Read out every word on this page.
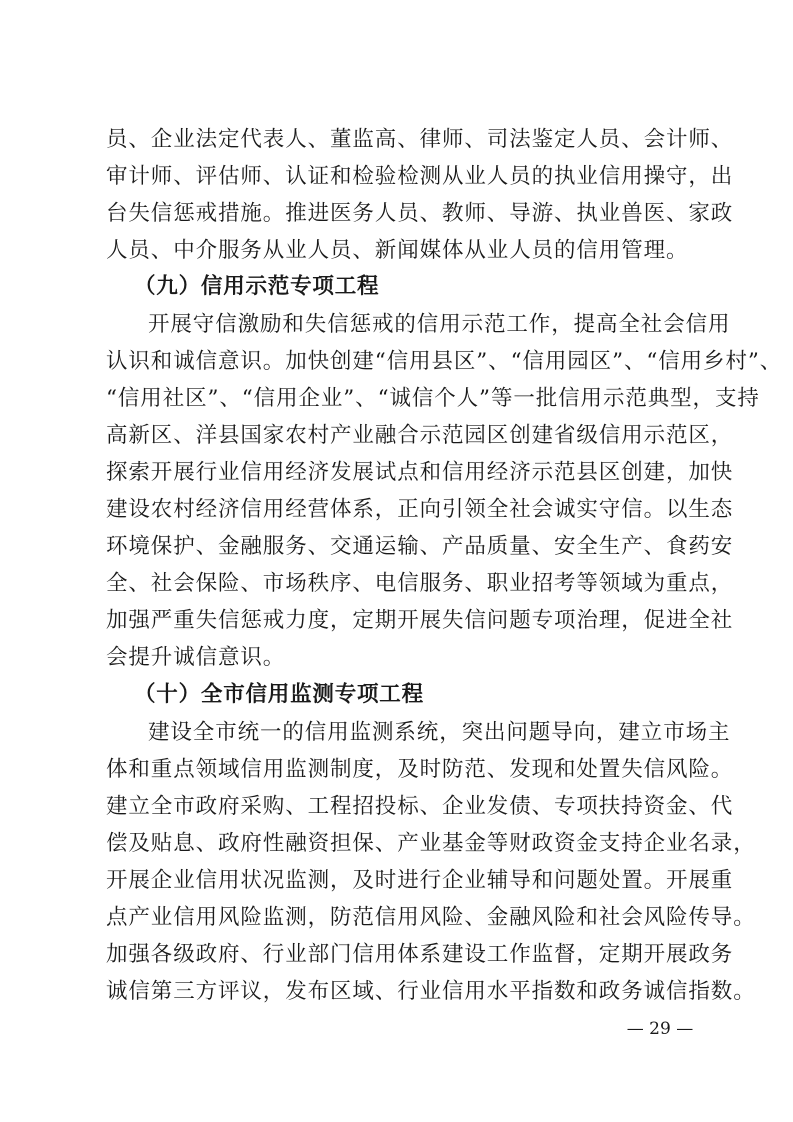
员、企业法定代表人、董监高、律师、司法鉴定人员、会计师、
审计师、评估师、认证和检验检测从业人员的执业信用操守，出
台失信惩戒措施。推进医务人员、教师、导游、执业兽医、家政
人员、中介服务从业人员、新闻媒体从业人员的信用管理。
（九）信用示范专项工程
开展守信激励和失信惩戒的信用示范工作，提高全社会信用
认识和诚信意识。加快创建“信用县区”、“信用园区”、“信用乡村”、
“信用社区”、“信用企业”、“诚信个人”等一批信用示范典型，支持
高新区、洋县国家农村产业融合示范园区创建省级信用示范区，
探索开展行业信用经济发展试点和信用经济示范县区创建，加快
建设农村经济信用经营体系，正向引领全社会诚实守信。以生态
环境保护、金融服务、交通运输、产品质量、安全生产、食药安
全、社会保险、市场秩序、电信服务、职业招考等领域为重点，
加强严重失信惩戒力度，定期开展失信问题专项治理，促进全社
会提升诚信意识。
（十）全市信用监测专项工程
建设全市统一的信用监测系统，突出问题导向，建立市场主
体和重点领域信用监测制度，及时防范、发现和处置失信风险。
建立全市政府采购、工程招投标、企业发债、专项扶持资金、代
偿及贴息、政府性融资担保、产业基金等财政资金支持企业名录，
开展企业信用状况监测，及时进行企业辅导和问题处置。开展重
点产业信用风险监测，防范信用风险、金融风险和社会风险传导。
加强各级政府、行业部门信用体系建设工作监督，定期开展政务
诚信第三方评议，发布区域、行业信用水平指数和政务诚信指数。
— 29 —
